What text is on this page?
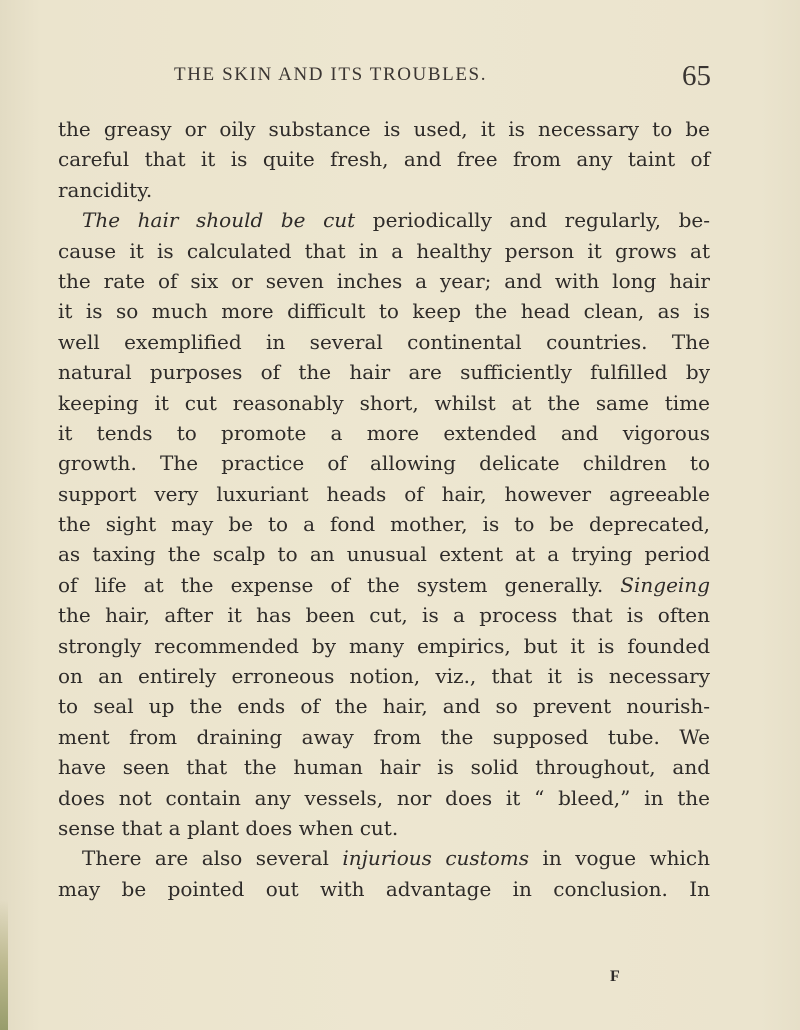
THE SKIN AND ITS TROUBLES.	65
the greasy or oily substance is used, it is necessary to be
careful that it is quite fresh, and free from any taint of
rancidity.
The hair should be cut periodically and regularly, be-
cause it is calculated that in a healthy person it grows at
the rate of six or seven inches a year; and with long hair
it is so much more difficult to keep the head clean, as is
well exemplified in several continental countries. The
natural purposes of the hair are sufficiently fulfilled by
keeping it cut reasonably short, whilst at the same time
it tends to promote a more extended and vigorous
growth. The practice of allowing delicate children to
support very luxuriant heads of hair, however agreeable
the sight may be to a fond mother, is to be deprecated,
as taxing the scalp to an unusual extent at a trying period
of life at the expense of the system generally. Singeing
the hair, after it has been cut, is a process that is often
strongly recommended by many empirics, but it is founded
on an entirely erroneous notion, viz., that it is necessary
to seal up the ends of the hair, and so prevent nourish-
ment from draining away from the supposed tube. We
have seen that the human hair is solid throughout, and
does not contain any vessels, nor does it “ bleed,” in the
sense that a plant does when cut.
There are also several injurious customs in vogue which
may be pointed out with advantage in conclusion. In
F
